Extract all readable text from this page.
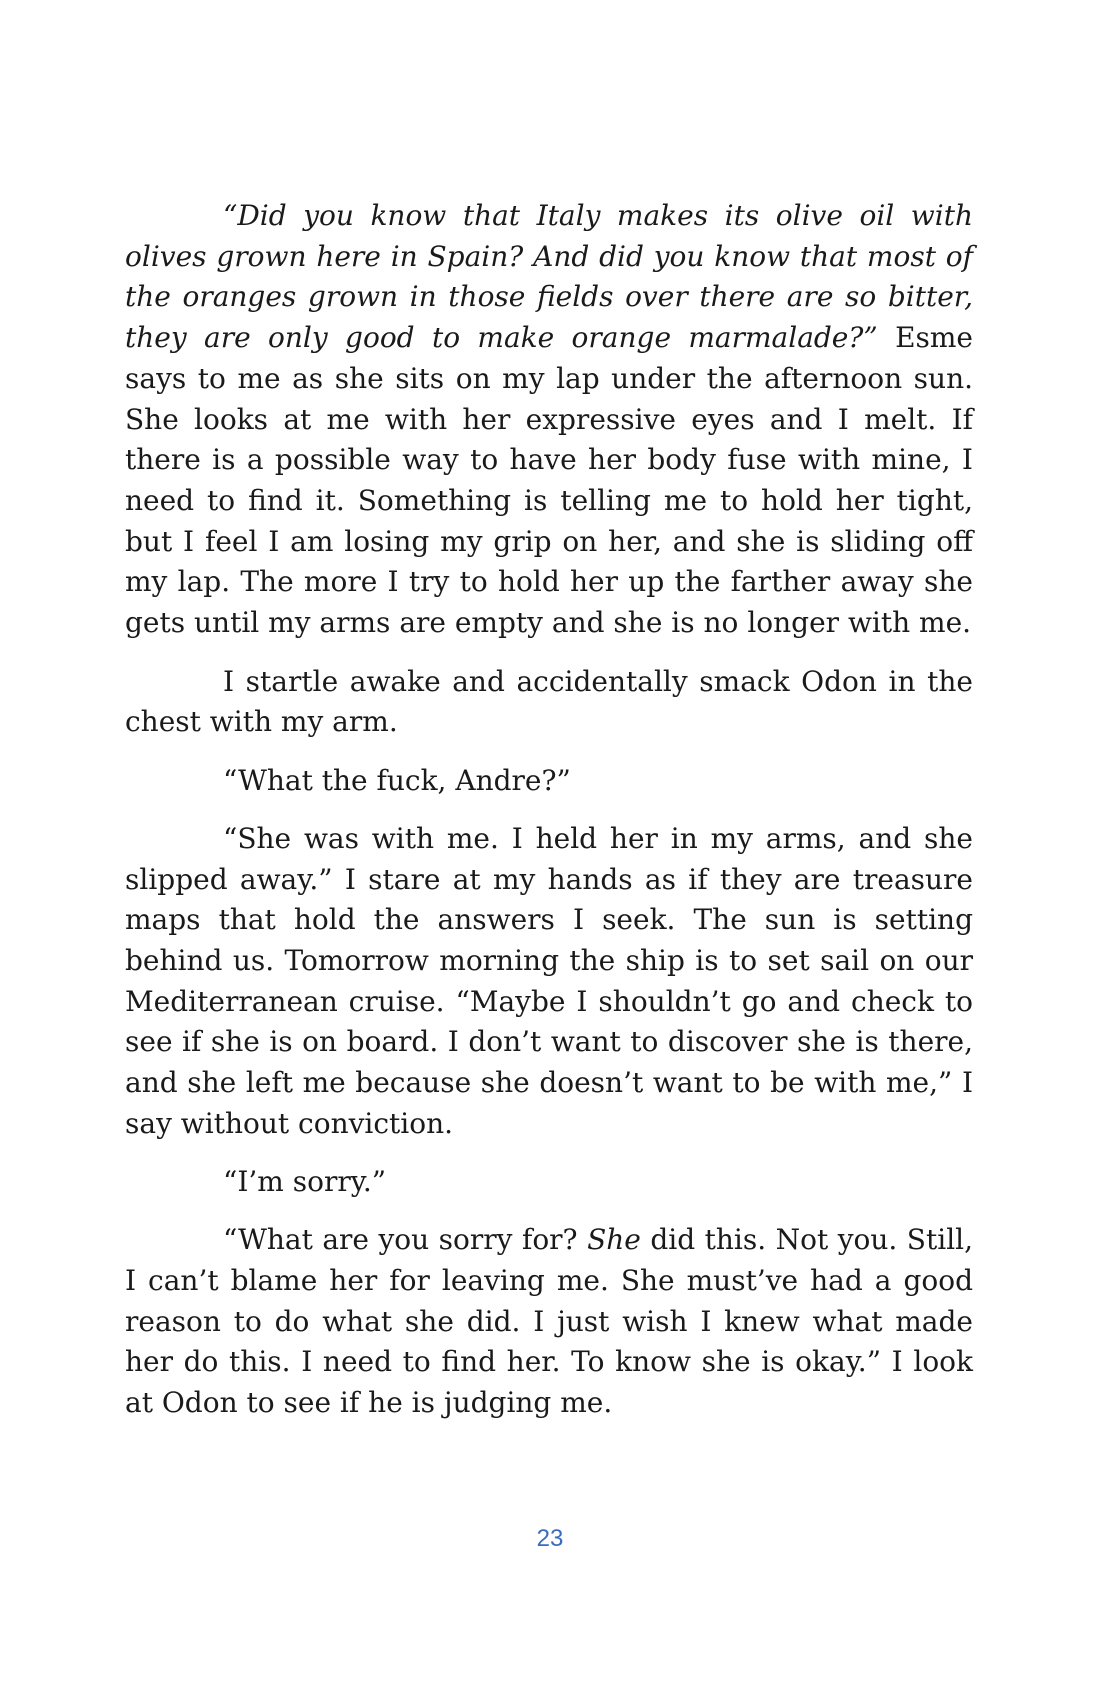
“Did you know that Italy makes its olive oil with olives grown here in Spain? And did you know that most of the oranges grown in those fields over there are so bitter, they are only good to make orange marmalade?” Esme says to me as she sits on my lap under the afternoon sun. She looks at me with her expressive eyes and I melt. If there is a possible way to have her body fuse with mine, I need to find it. Something is telling me to hold her tight, but I feel I am losing my grip on her, and she is sliding off my lap. The more I try to hold her up the farther away she gets until my arms are empty and she is no longer with me.

I startle awake and accidentally smack Odon in the chest with my arm.

“What the fuck, Andre?”

“She was with me. I held her in my arms, and she slipped away.” I stare at my hands as if they are treasure maps that hold the answers I seek. The sun is setting behind us. Tomorrow morning the ship is to set sail on our Mediterranean cruise. “Maybe I shouldn’t go and check to see if she is on board. I don’t want to discover she is there, and she left me because she doesn’t want to be with me,” I say without conviction.

“I’m sorry.”

“What are you sorry for? She did this. Not you. Still, I can’t blame her for leaving me. She must’ve had a good reason to do what she did. I just wish I knew what made her do this. I need to find her. To know she is okay.” I look at Odon to see if he is judging me.

23
